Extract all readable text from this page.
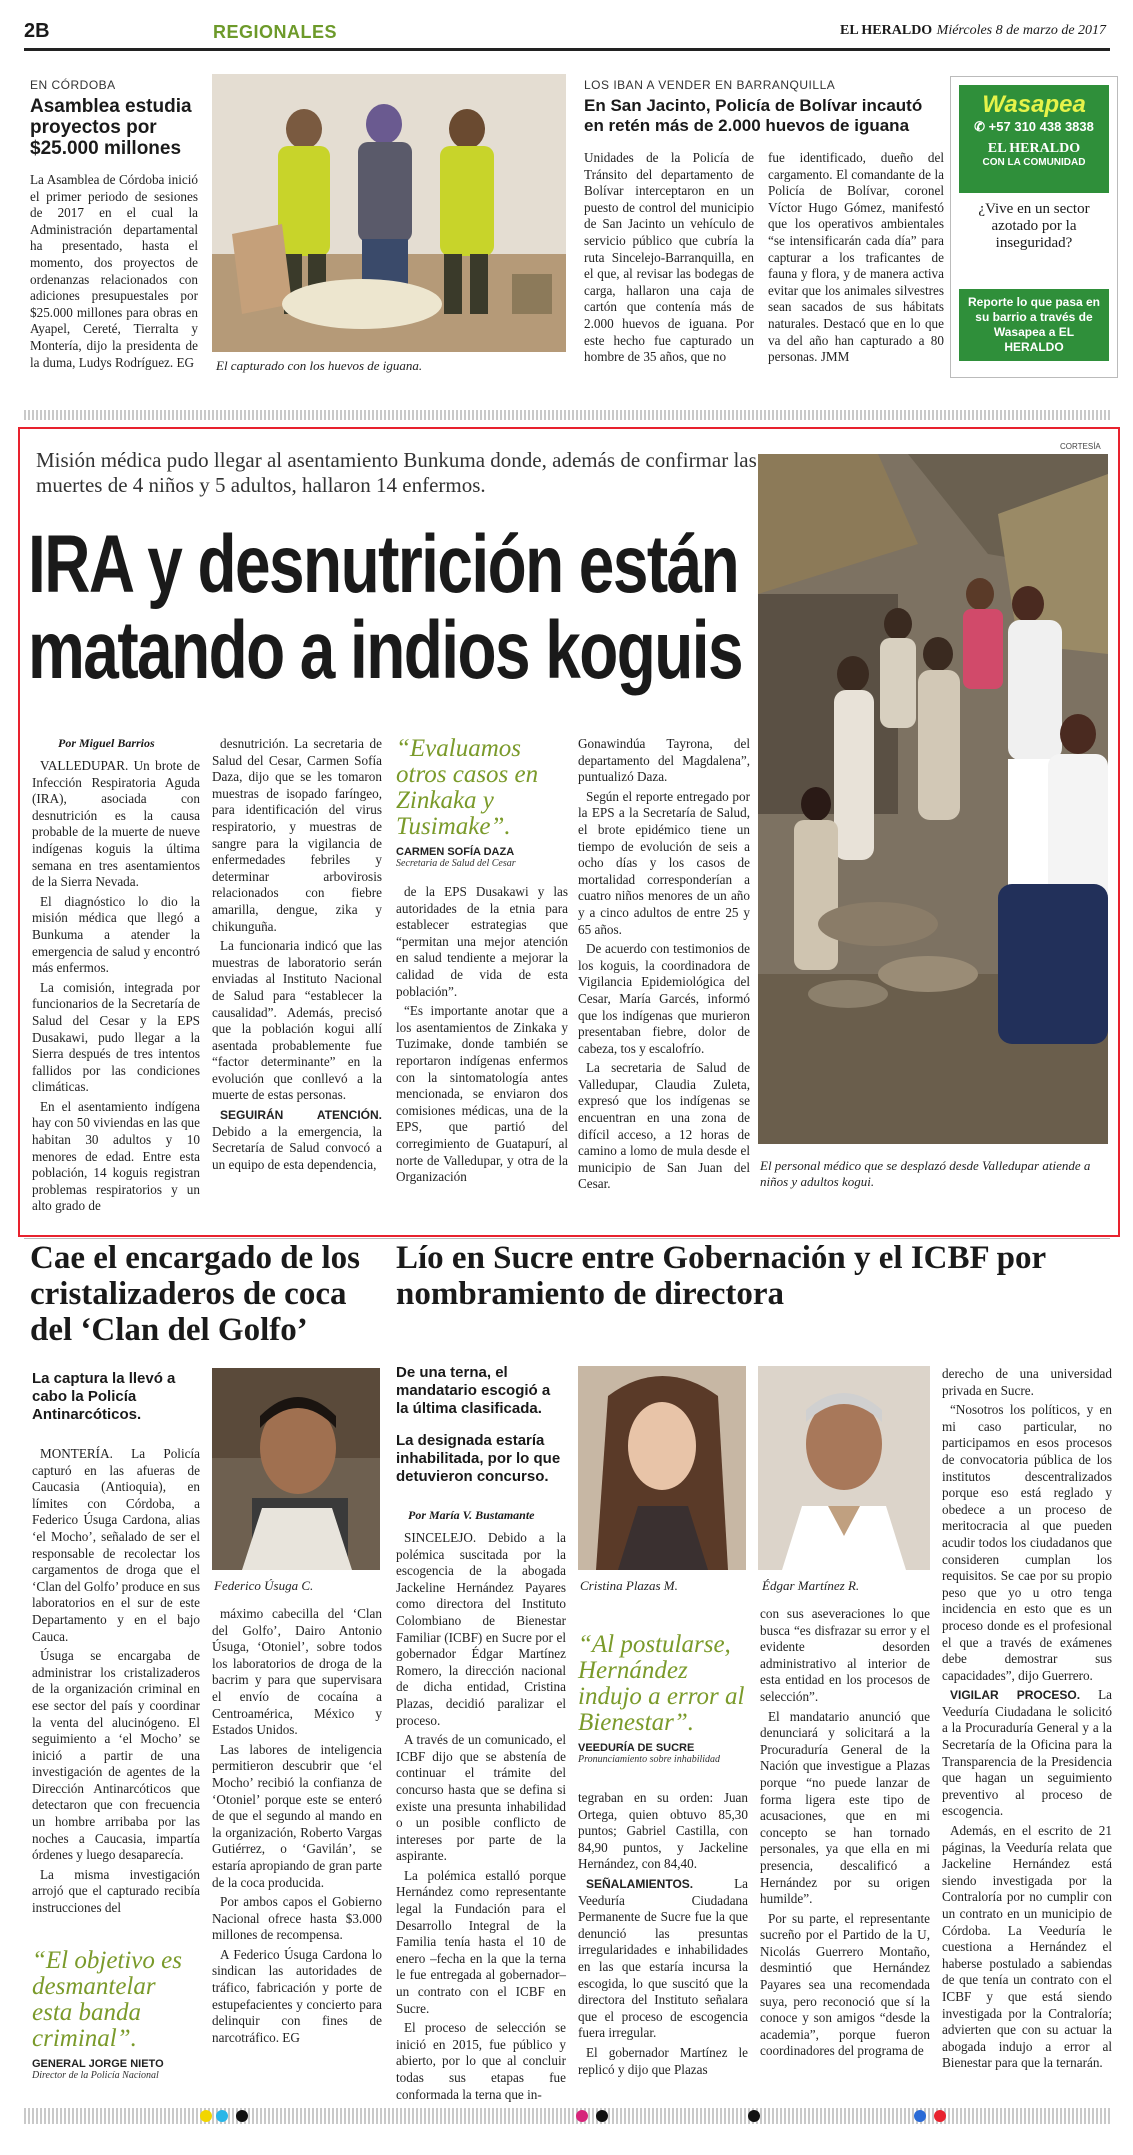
2B	REGIONALES	EL HERALDO Miércoles 8 de marzo de 2017
EN CÓRDOBA
Asamblea estudia proyectos por $25.000 millones
La Asamblea de Córdoba inició el primer periodo de sesiones de 2017 en el cual la Administración departamental ha presentado, hasta el momento, dos proyectos de ordenanzas relacionados con adiciones presupuestales por $25.000 millones para obras en Ayapel, Cereté, Tierralta y Montería, dijo la presidenta de la duma, Ludys Rodríguez. EG	El capturado con los huevos de iguana.
LOS IBAN A VENDER EN BARRANQUILLA
En San Jacinto, Policía de Bolívar incautó en retén más de 2.000 huevos de iguana
Unidades de la Policía de Tránsito del departamento de Bolívar interceptaron en un puesto de control del municipio de San Jacinto un vehículo de servicio público que cubría la ruta Sincelejo-Barranquilla, en el que, al revisar las bodegas de carga, hallaron una caja de cartón que contenía más de 2.000 huevos de iguana. Por este hecho fue capturado un hombre de 35 años, que no
fue identificado, dueño del cargamento. El comandante de la Policía de Bolívar, coronel Víctor Hugo Gómez, manifestó que los operativos ambientales “se intensificarán cada día” para capturar a los traficantes de fauna y flora, y de manera activa evitar que los animales silvestres sean sacados de sus hábitats naturales. Destacó que en lo que va del año han capturado a 80 personas. JMM
Wasapea
✆ +57 310 438 3838
EL HERALDO
CON LA COMUNIDAD
¿Vive en un sector azotado por la inseguridad?
Reporte lo que pasa en su barrio a través de Wasapea a EL HERALDO
Misión médica pudo llegar al asentamiento Bunkuma donde, además de confirmar las muertes de 4 niños y 5 adultos, hallaron 14 enfermos.
IRA y desnutrición están
matando a indios koguis
Por Miguel Barrios

VALLEDUPAR. Un brote de Infección Respiratoria Aguda (IRA), asociada con desnutrición es la causa probable de la muerte de nueve indígenas koguis la última semana en tres asentamientos de la Sierra Nevada.

El diagnóstico lo dio la misión médica que llegó a Bunkuma a atender la emergencia de salud y encontró más enfermos.

La comisión, integrada por funcionarios de la Secretaría de Salud del Cesar y la EPS Dusakawi, pudo llegar a la Sierra después de tres intentos fallidos por las condiciones climáticas.

En el asentamiento indígena hay con 50 viviendas en las que habitan 30 adultos y 10 menores de edad. Entre esta población, 14 koguis registran problemas respiratorios y un alto grado de

desnutrición. La secretaria de Salud del Cesar, Carmen Sofía Daza, dijo que se les tomaron muestras de isopado faríngeo, para identificación del virus respiratorio, y muestras de sangre para la vigilancia de enfermedades febriles y determinar arbovirosis relacionados con fiebre amarilla, dengue, zika y chikunguña.

La funcionaria indicó que las muestras de laboratorio serán enviadas al Instituto Nacional de Salud para “establecer la causalidad”. Además, precisó que la población kogui allí asentada probablemente fue “factor determinante” en la evolución que conllevó a la muerte de estas personas.

SEGUIRÁN ATENCIÓN. Debido a la emergencia, la Secretaría de Salud convocó a un equipo de esta dependencia,

“Evaluamos otros casos en Zinkaka y Tusimake”.
CARMEN SOFÍA DAZA
Secretaria de Salud del Cesar

de la EPS Dusakawi y las autoridades de la etnia para establecer estrategias que “permitan una mejor atención en salud tendiente a mejorar la calidad de vida de esta población”.

“Es importante anotar que a los asentamientos de Zinkaka y Tuzimake, donde también se reportaron indígenas enfermos con la sintomatología antes mencionada, se enviaron dos comisiones médicas, una de la EPS, que partió del corregimiento de Guatapurí, al norte de Valledupar, y otra de la Organización

Gonawindúa Tayrona, del departamento del Magdalena”, puntualizó Daza.

Según el reporte entregado por la EPS a la Secretaría de Salud, el brote epidémico tiene un tiempo de evolución de seis a ocho días y los casos de mortalidad corresponderían a cuatro niños menores de un año y a cinco adultos de entre 25 y 65 años.

De acuerdo con testimonios de los koguis, la coordinadora de Vigilancia Epidemiológica del Cesar, María Garcés, informó que los indígenas que murieron presentaban fiebre, dolor de cabeza, tos y escalofrío.

La secretaria de Salud de Valledupar, Claudia Zuleta, expresó que los indígenas se encuentran en una zona de difícil acceso, a 12 horas de camino a lomo de mula desde el municipio de San Juan del Cesar.

CORTESÍA
El personal médico que se desplazó desde Valledupar atiende a niños y adultos kogui.
Cae el encargado de los cristalizaderos de coca del ‘Clan del Golfo’
La captura la llevó a cabo la Policía Antinarcóticos.
Federico Úsuga C.

MONTERÍA. La Policía capturó en las afueras de Caucasia (Antioquia), en límites con Córdoba, a Federico Úsuga Cardona, alias ‘el Mocho’, señalado de ser el responsable de recolectar los cargamentos de droga que el ‘Clan del Golfo’ produce en sus laboratorios en el sur de este Departamento y en el bajo Cauca.

Úsuga se encargaba de administrar los cristalizaderos de la organización criminal en ese sector del país y coordinar la venta del alucinógeno. El seguimiento a ‘el Mocho’ se inició a partir de una investigación de agentes de la Dirección Antinarcóticos que detectaron que con frecuencia un hombre arribaba por las noches a Caucasia, impartía órdenes y luego desaparecía.

La misma investigación arrojó que el capturado recibía instrucciones del

“El objetivo es desmantelar esta banda criminal”.
GENERAL JORGE NIETO
Director de la Policía Nacional

máximo cabecilla del ‘Clan del Golfo’, Dairo Antonio Úsuga, ‘Otoniel’, sobre todos los laboratorios de droga de la bacrim y para que supervisara el envío de cocaína a Centroamérica, México y Estados Unidos.

Las labores de inteligencia permitieron descubrir que ‘el Mocho’ recibió la confianza de ‘Otoniel’ porque este se enteró de que el segundo al mando en la organización, Roberto Vargas Gutiérrez, o ‘Gavilán’, se estaría apropiando de gran parte de la coca producida.

Por ambos capos el Gobierno Nacional ofrece hasta $3.000 millones de recompensa.

A Federico Úsuga Cardona lo sindican las autoridades de tráfico, fabricación y porte de estupefacientes y concierto para delinquir con fines de narcotráfico. EG

Lío en Sucre entre Gobernación y el ICBF por nombramiento de directora
De una terna, el mandatario escogió a la última clasificada.
La designada estaría inhabilitada, por lo que detuvieron concurso.
Por María V. Bustamante
Cristina Plazas M.	Édgar Martínez R.

SINCELEJO. Debido a la polémica suscitada por la escogencia de la abogada Jackeline Hernández Payares como directora del Instituto Colombiano de Bienestar Familiar (ICBF) en Sucre por el gobernador Édgar Martínez Romero, la dirección nacional de dicha entidad, Cristina Plazas, decidió paralizar el proceso.

A través de un comunicado, el ICBF dijo que se abstenía de continuar el trámite del concurso hasta que se defina si existe una presunta inhabilidad o un posible conflicto de intereses por parte de la aspirante.

La polémica estalló porque Hernández como representante legal la Fundación para el Desarrollo Integral de la Familia tenía hasta el 10 de enero –fecha en la que la terna le fue entregada al gobernador– un contrato con el ICBF en Sucre.

El proceso de selección se inició en 2015, fue público y abierto, por lo que al concluir todas sus etapas fue conformada la terna que in-

“Al postularse, Hernández indujo a error al Bienestar”.
VEEDURÍA DE SUCRE
Pronunciamiento sobre inhabilidad

tegraban en su orden: Juan Ortega, quien obtuvo 85,30 puntos; Gabriel Castilla, con 84,90 puntos, y Jackeline Hernández, con 84,40.

SEÑALAMIENTOS. La Veeduría Ciudadana Permanente de Sucre fue la que denunció las presuntas irregularidades e inhabilidades en las que estaría incursa la escogida, lo que suscitó que la directora del Instituto señalara que el proceso de escogencia fuera irregular.

El gobernador Martínez le replicó y dijo que Plazas

con sus aseveraciones lo que busca “es disfrazar su error y el evidente desorden administrativo al interior de esta entidad en los procesos de selección”.

El mandatario anunció que denunciará y solicitará a la Procuraduría General de la Nación que investigue a Plazas porque “no puede lanzar de forma ligera este tipo de acusaciones, que en mi concepto se han tornado personales, ya que ella en mi presencia, descalificó a Hernández por su origen humilde”.

Por su parte, el representante sucreño por el Partido de la U, Nicolás Guerrero Montaño, desmintió que Hernández Payares sea una recomendada suya, pero reconoció que sí la conoce y son amigos “desde la academia”, porque fueron coordinadores del programa de

derecho de una universidad privada en Sucre.

“Nosotros los políticos, y en mi caso particular, no participamos en esos procesos de convocatoria pública de los institutos descentralizados porque eso está reglado y obedece a un proceso de meritocracia al que pueden acudir todos los ciudadanos que consideren cumplan los requisitos. Se cae por su propio peso que yo u otro tenga incidencia en esto que es un proceso donde es el profesional el que a través de exámenes debe demostrar sus capacidades”, dijo Guerrero.

VIGILAR PROCESO. La Veeduría Ciudadana le solicitó a la Procuraduría General y a la Secretaría de la Oficina para la Transparencia de la Presidencia que hagan un seguimiento preventivo al proceso de escogencia.

Además, en el escrito de 21 páginas, la Veeduría relata que Jackeline Hernández está siendo investigada por la Contraloría por no cumplir con un contrato en un municipio de Córdoba. La Veeduría le cuestiona a Hernández el haberse postulado a sabiendas de que tenía un contrato con el ICBF y que está siendo investigada por la Contraloría; advierten que con su actuar la abogada indujo a error al Bienestar para que la ternarán.
